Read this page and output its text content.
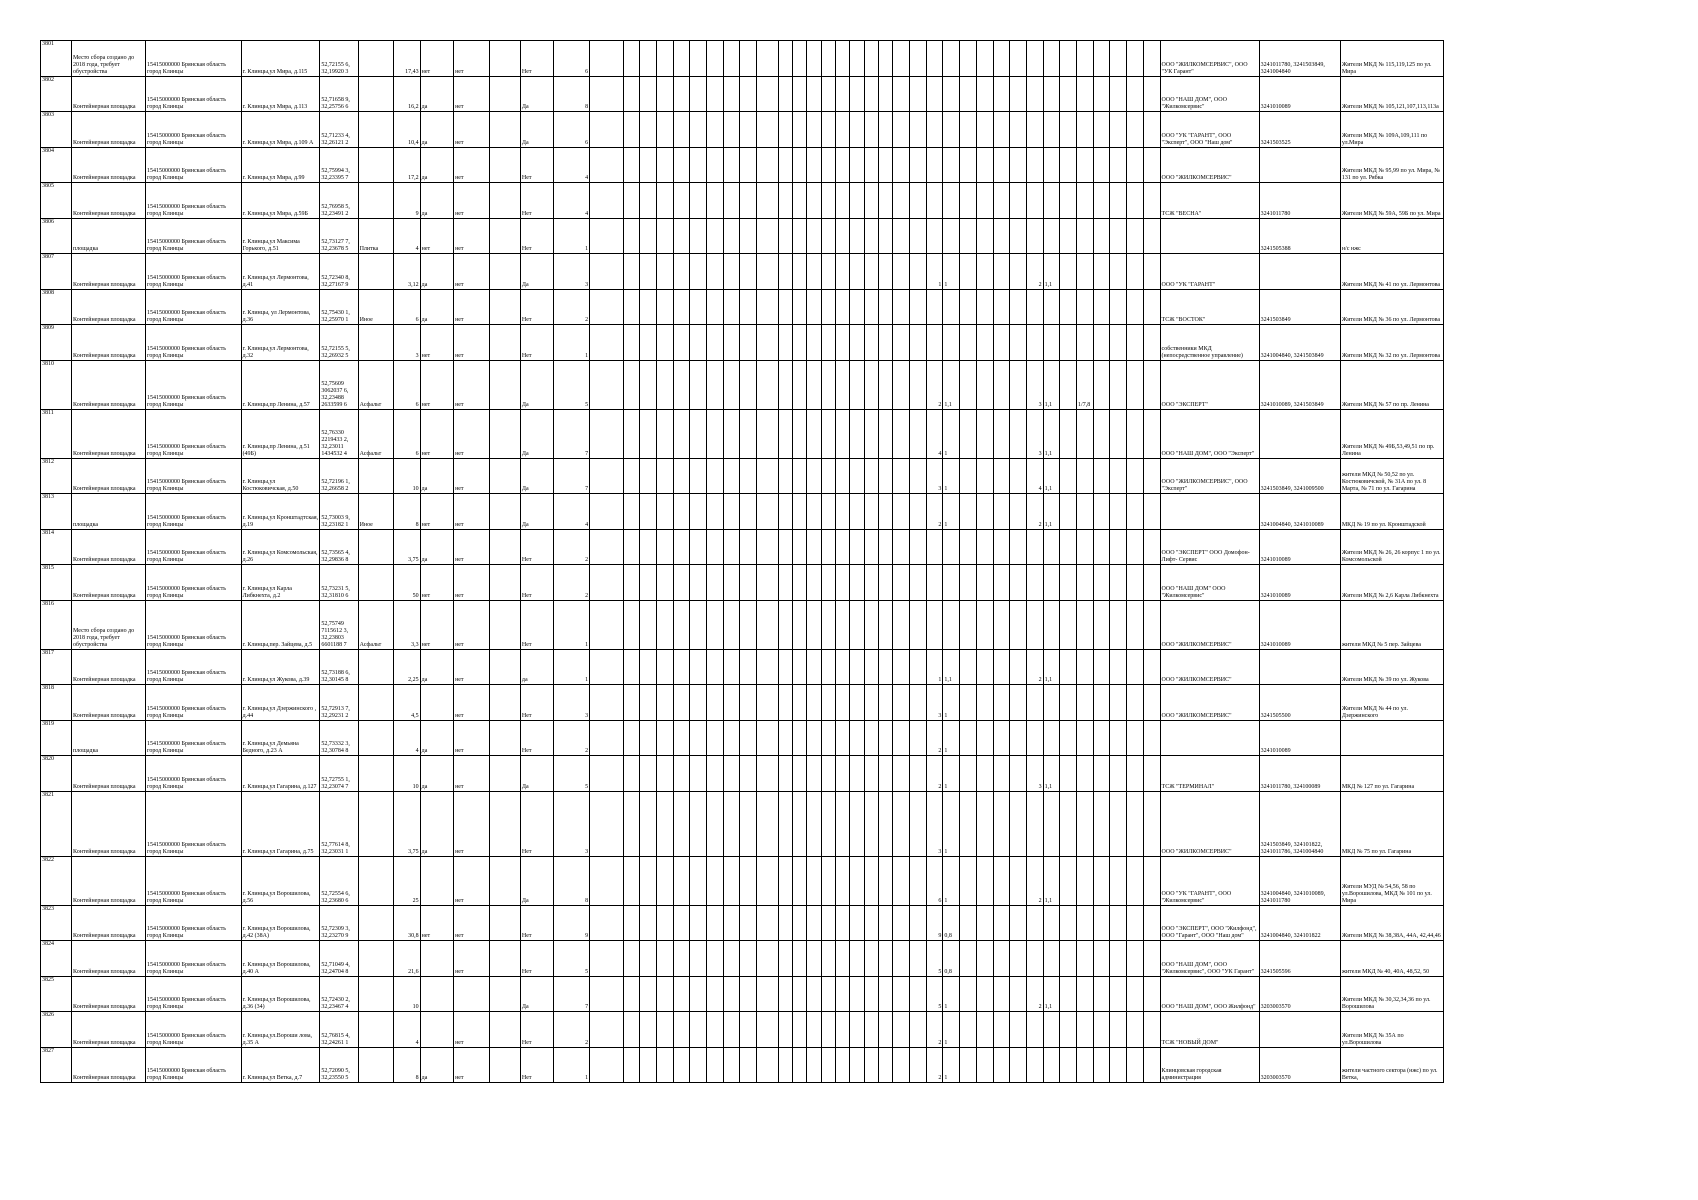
3801	Место сбора создано до 2018 года, требует обустройства	15415000000 Брянская область город Клинцы	г. Клинцы,ул Мира, д.115	52,72155 6, 32,19920 3		17,43	нет	нет		Нет	6																																			ООО "ЖИЛКОМСЕРВИС", ООО "УК Гарант"	3241011780, 3241503849, 3241004840	Жители МКД № 115,119,125 по ул. Мира
3802	Контейнерная площадка	15415000000 Брянская область город Клинцы	г. Клинцы,ул Мира, д.113	52,71658 9, 32,25756 6		16,2	да	нет		Да	8																																			ООО "НАШ ДОМ", ООО "Жилкомсервис"	3241010089	Жители МКД № 105,121,107,113,113а
3803	Контейнерная площадка	15415000000 Брянская область город Клинцы	г. Клинцы,ул Мира, д.109 А	52,71233 4, 32,26121 2		10,4	да	нет		Да	6																																			ООО "УК "ГАРАНТ", ООО "Эксперт", ООО "Наш дом"	3241503525	Жители МКД № 109А,109,111 по ул.Мира
3804	Контейнерная площадка	15415000000 Брянская область город Клинцы	г. Клинцы,ул Мира, д.99	52,75994 3, 32,23395 7		17,2	да	нет		Нет	4																																			ООО "ЖИЛКОМСЕРВИС"		Жители МКД № 95,99 по ул. Мира, № 131 по ул. Рябка
3805	Контейнерная площадка	15415000000 Брянская область город Клинцы	г. Клинцы,ул Мира, д.59Б	52,76958 5, 32,23491 2		9	да	нет		Нет	4																																			ТСЖ "ВЕСНА"	3241011780	Жители МКД № 59А, 59Б по ул. Мира
3806	площадка	15415000000 Брянская область город Клинцы	г. Клинцы,ул Максима Горького, д.51	52,73127 7, 32,23678 5	Плитка	4	нет	нет		Нет	1																																				3241505388	н/с нжс
3807	Контейнерная площадка	15415000000 Брянская область город Клинцы	г. Клинцы,ул Лермонтова, д.41	52,72340 8, 32,27167 9		3,12	да	нет		Да	3																					1	1					2	1,1							ООО "УК "ГАРАНТ"		Жители МКД № 41 по ул. Лермонтова
3808	Контейнерная площадка	15415000000 Брянская область город Клинцы	г. Клинцы, ул Лермонтова, д.36	52,75430 1, 32,25970 1	Иное	6	да	нет		Нет	2																																			ТСЖ "ВОСТОК"	3241503849	Жители МКД № 36 по ул. Лермонтова
3809	Контейнерная площадка	15415000000 Брянская область город Клинцы	г. Клинцы,ул Лермонтова, д.32	52,72155 5, 32,26932 5		3	нет	нет		Нет	1																																			собственники МКД (непосредственное управление)	3241004840, 3241503849	Жители МКД № 32 по ул. Лермонтова
3810	Контейнерная площадка	15415000000 Брянская область город Клинцы	г. Клинцы,пр Ленина, д.57	52,75609 3062037 6, 32,23488 2633599 6	Асфальт	6	нет	нет		Да	5																					2	1,1					3	1,1		1/7,8					ООО "ЭКСПЕРТ"	3241010089, 3241503849	Жители МКД № 57 по пр. Ленина
3811	Контейнерная площадка	15415000000 Брянская область город Клинцы	г. Клинцы,пр Ленина, д.51 (49Б)	52,76330 2219433 2, 32,23011 1434532 4	Асфальт	6	нет	нет		Да	7																					4	1					3	1,1							ООО "НАШ ДОМ", ООО "Эксперт"		Жители МКД № 49Б,53,49,51 по пр. Ленина
3812	Контейнерная площадка	15415000000 Брянская область город Клинцы	г. Клинцы,ул Костюковичская, д.50	52,72196 1, 32,26658 2		10	да	нет		Да	7																					3	1					4	1,1							ООО "ЖИЛКОМСЕРВИС", ООО "Эксперт"	3241503849, 3241009500	жители МКД № 50,52 по ул. Костюковичской, № 31А по ул. 8 Марта, № 71 по ул. Гагарина
3813	площадка	15415000000 Брянская область город Клинцы	г. Клинцы,ул Кронштадтская, д.19	52,73003 9, 32,23182 1	Иное	8	нет	нет		Да	4																					2	1					2	1,1								3241004840, 3241010089	МКД № 19 по ул. Кронштадской
3814	Контейнерная площадка	15415000000 Брянская область город Клинцы	г. Клинцы,ул Комсомольская, д.26	52,73565 4, 32,29836 8		3,75	да	нет		Нет	2																																			ООО "ЭКСПЕРТ" ООО Домофон-Лифт- Сервис	3241010089	Жители МКД № 26, 26 корпус 1 по ул. Комсомольской
3815	Контейнерная площадка	15415000000 Брянская область город Клинцы	г. Клинцы,ул Карла Либкнехта, д.2	52,73231 5, 32,31810 6		50	нет	нет		Нет	2																																			ООО "НАШ ДОМ" ООО "Жилкомсервис"	3241010089	Жители МКД № 2,6 Карла Либкнехта
3816	Место сбора создано до 2018 года, требует обустройства	15415000000 Брянская область город Клинцы	г. Клинцы,пер. Зайцева, д.5	52,75749 7115612 3, 32,23803 6601188 7	Асфальт	3,3	нет	нет		Нет	1																																			ООО "ЖИЛКОМСЕРВИС"	3241010089	жители МКД № 5 пер. Зайцева
3817	Контейнерная площадка	15415000000 Брянская область город Клинцы	г. Клинцы,ул Жукова, д.39	52,73188 6, 32,30145 8		2,25	да	нет		да	1																					1	1,1					2	1,1							ООО "ЖИЛКОМСЕРВИС"		Жители МКД № 39 по ул. Жукова
3818	Контейнерная площадка	15415000000 Брянская область город Клинцы	г. Клинцы,ул Дзержинского , д.44	52,72913 7, 32,29231 2		4,5		нет		Нет	3																					3	1													ООО "ЖИЛКОМСЕРВИС"	3241505500	Жители МКД № 44 по ул. Дзержинского
3819	площадка	15415000000 Брянская область город Клинцы	г. Клинцы,ул Демьяна Бедного, д.23 А	52,73332 3, 32,30784 8		4	да	нет		Нет	2																					2	1														3241010089	
3820	Контейнерная площадка	15415000000 Брянская область город Клинцы	г. Клинцы,ул Гагарина, д.127	52,72755 1, 32,23074 7		10	да	нет		Да	5																					2	1					3	1,1							ТСЖ "ТЕРМИНАЛ"	3241011780, 324100089	МКД № 127 по ул. Гагарина
3821	Контейнерная площадка	15415000000 Брянская область город Клинцы	г. Клинцы,ул Гагарина, д.75	52,77614 8, 32,23031 1		3,75	да	нет		Нет	3																					3	1													ООО "ЖИЛКОМСЕРВИС"	3241503849, 324101822, 3241011786, 3241004840	МКД № 75 по ул. Гагарина
3822	Контейнерная площадка	15415000000 Брянская область город Клинцы	г. Клинцы,ул Ворошилова, д.56	52,72554 6, 32,23680 6		25		нет		Да	8																					6	1					2	1,1							ООО "УК "ГАРАНТ", ООО "Жилкомсервис"	3241004840, 3241010089, 3241011780	Жители МУД № 54,56, 58 по ул.Ворошилова, МКД № 101 по ул. Мира
3823	Контейнерная площадка	15415000000 Брянская область город Клинцы	г. Клинцы,ул Ворошилова, д.42 (38А)	52,72309 3, 32,23270 9		30,8	нет	нет		Нет	9																					9	0,8													ООО "ЭКСПЕРТ", ООО "Жилфонд", ООО "Гарант", ООО "Наш дом"	3241004840, 324101822	Жители МКД № 38,38А, 44А, 42,44,46
3824	Контейнерная площадка	15415000000 Брянская область город Клинцы	г. Клинцы,ул Ворошилова, д.40 А	52,71049 4, 32,24704 8		21,6		нет		Нет	5																					5	0,8													ООО "НАШ ДОМ", ООО "Жилкомсервис", ООО "УК Гарант"	3241505596	жители МКД № 40, 40А, 48,52, 50
3825	Контейнерная площадка	15415000000 Брянская область город Клинцы	г. Клинцы,ул Ворошилова, д.36 (34)	52,72430 2, 32,23467 4		10				Да	7																					5	1					2	1,1							ООО "НАШ ДОМ", ООО Жилфонд"	3203003570	Жители МКД № 30,32,34,36 по ул. Ворошилова
3826	Контейнерная площадка	15415000000 Брянская область город Клинцы	г. Клинцы,ул.Вороши лова, д.35 А	52,76815 4, 32,24261 1		4		нет		Нет	2																					2	1													ТСЖ "НОВЫЙ ДОМ"		Жители МКД № 35А по ул.Ворошилова
3827	Контейнерная площадка	15415000000 Брянская область город Клинцы	г. Клинцы,ул Ветка, д.7	52,72090 5, 32,23550 5		8	да	нет		Нет	1																					2	1													Клинцовская городская администрация	3203003570	жители частного сектора (нжс) по ул. Ветка,
